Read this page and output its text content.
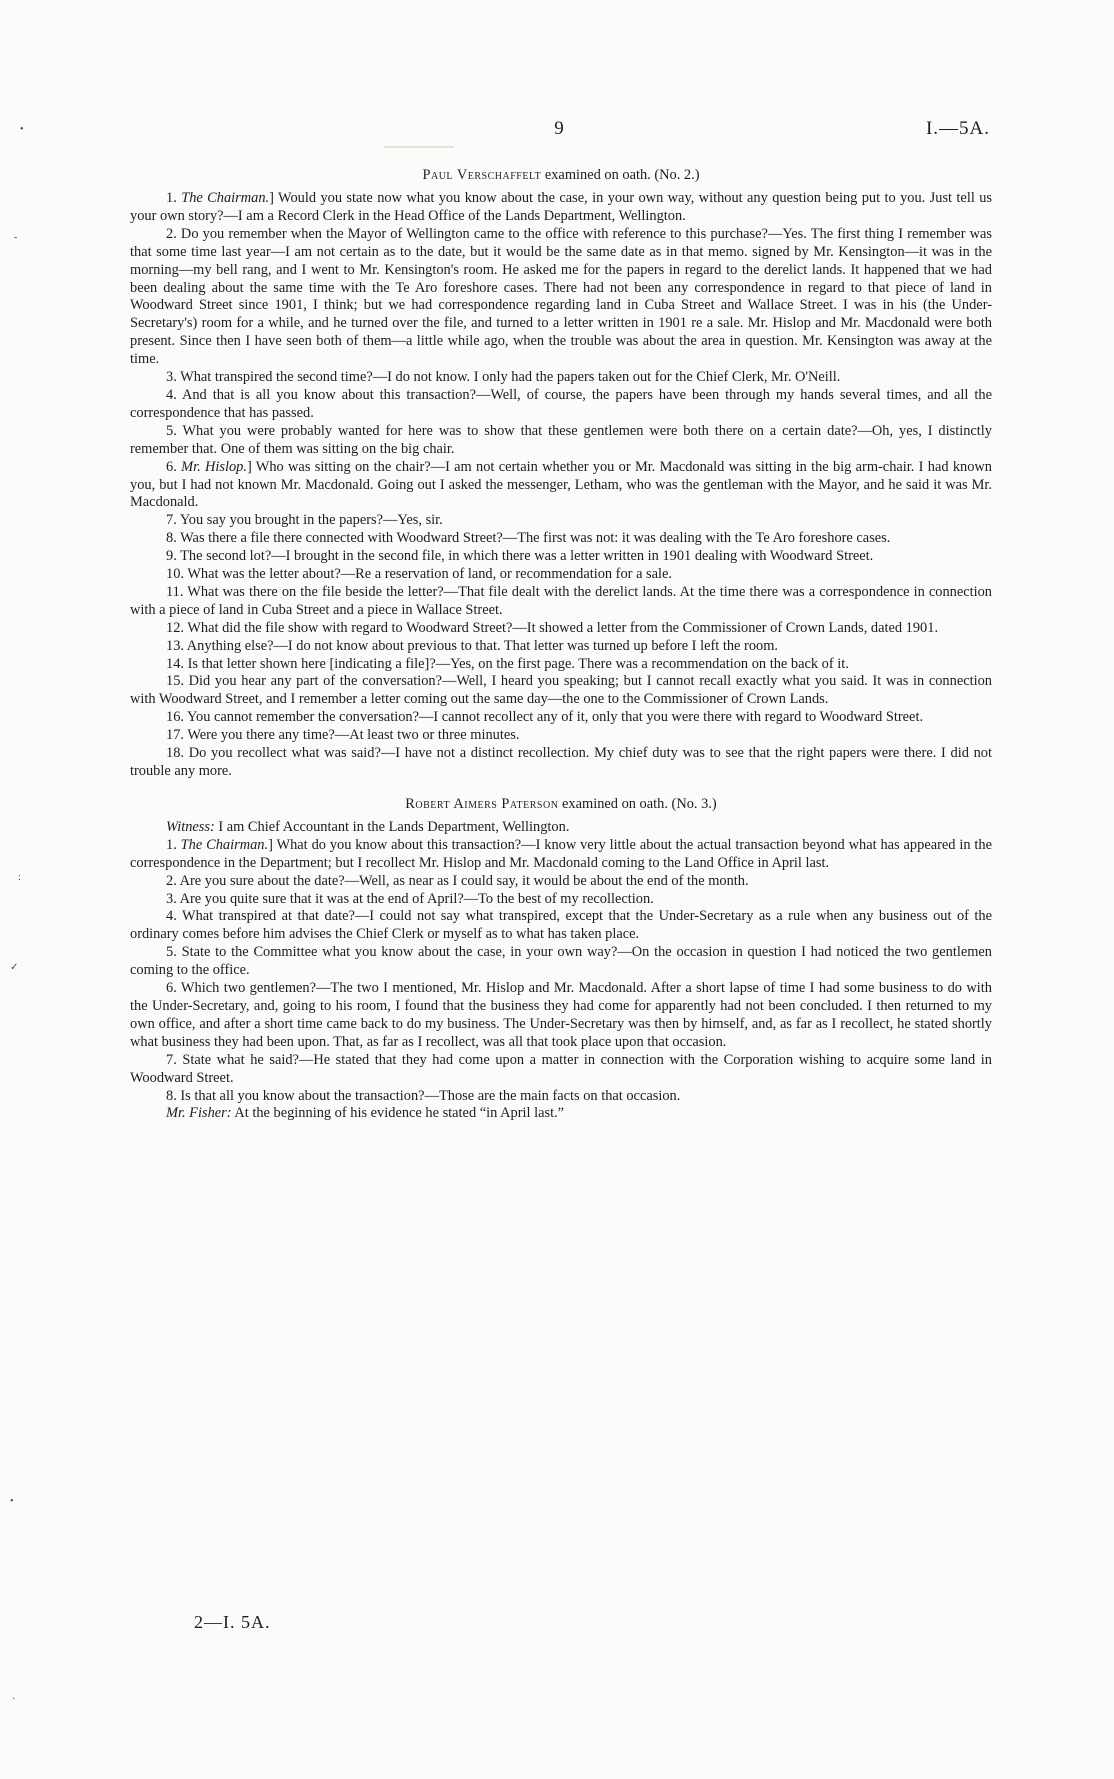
9	I.—5A.
Paul Verschaffelt examined on oath. (No. 2.)

1. The Chairman.] Would you state now what you know about the case, in your own way, without any question being put to you. Just tell us your own story?—I am a Record Clerk in the Head Office of the Lands Department, Wellington.

2. Do you remember when the Mayor of Wellington came to the office with reference to this purchase?—Yes. The first thing I remember was that some time last year—I am not certain as to the date, but it would be the same date as in that memo. signed by Mr. Kensington—it was in the morning—my bell rang, and I went to Mr. Kensington's room. He asked me for the papers in regard to the derelict lands. It happened that we had been dealing about the same time with the Te Aro foreshore cases. There had not been any correspondence in regard to that piece of land in Woodward Street since 1901, I think; but we had correspondence regarding land in Cuba Street and Wallace Street. I was in his (the Under-Secretary's) room for a while, and he turned over the file, and turned to a letter written in 1901 re a sale. Mr. Hislop and Mr. Macdonald were both present. Since then I have seen both of them—a little while ago, when the trouble was about the area in question. Mr. Kensington was away at the time.

3. What transpired the second time?—I do not know. I only had the papers taken out for the Chief Clerk, Mr. O'Neill.

4. And that is all you know about this transaction?—Well, of course, the papers have been through my hands several times, and all the correspondence that has passed.

5. What you were probably wanted for here was to show that these gentlemen were both there on a certain date?—Oh, yes, I distinctly remember that. One of them was sitting on the big chair.

6. Mr. Hislop.] Who was sitting on the chair?—I am not certain whether you or Mr. Macdonald was sitting in the big arm-chair. I had known you, but I had not known Mr. Macdonald. Going out I asked the messenger, Letham, who was the gentleman with the Mayor, and he said it was Mr. Macdonald.

7. You say you brought in the papers?—Yes, sir.

8. Was there a file there connected with Woodward Street?—The first was not: it was dealing with the Te Aro foreshore cases.

9. The second lot?—I brought in the second file, in which there was a letter written in 1901 dealing with Woodward Street.

10. What was the letter about?—Re a reservation of land, or recommendation for a sale.

11. What was there on the file beside the letter?—That file dealt with the derelict lands. At the time there was a correspondence in connection with a piece of land in Cuba Street and a piece in Wallace Street.

12. What did the file show with regard to Woodward Street?—It showed a letter from the Commissioner of Crown Lands, dated 1901.

13. Anything else?—I do not know about previous to that. That letter was turned up before I left the room.

14. Is that letter shown here [indicating a file]?—Yes, on the first page. There was a recommendation on the back of it.

15. Did you hear any part of the conversation?—Well, I heard you speaking; but I cannot recall exactly what you said. It was in connection with Woodward Street, and I remember a letter coming out the same day—the one to the Commissioner of Crown Lands.

16. You cannot remember the conversation?—I cannot recollect any of it, only that you were there with regard to Woodward Street.

17. Were you there any time?—At least two or three minutes.

18. Do you recollect what was said?—I have not a distinct recollection. My chief duty was to see that the right papers were there. I did not trouble any more.

Robert Aimers Paterson examined on oath. (No. 3.)

Witness: I am Chief Accountant in the Lands Department, Wellington.

1. The Chairman.] What do you know about this transaction?—I know very little about the actual transaction beyond what has appeared in the correspondence in the Department; but I recollect Mr. Hislop and Mr. Macdonald coming to the Land Office in April last.

2. Are you sure about the date?—Well, as near as I could say, it would be about the end of the month.

3. Are you quite sure that it was at the end of April?—To the best of my recollection.

4. What transpired at that date?—I could not say what transpired, except that the Under-Secretary as a rule when any business out of the ordinary comes before him advises the Chief Clerk or myself as to what has taken place.

5. State to the Committee what you know about the case, in your own way?—On the occasion in question I had noticed the two gentlemen coming to the office.

6. Which two gentlemen?—The two I mentioned, Mr. Hislop and Mr. Macdonald. After a short lapse of time I had some business to do with the Under-Secretary, and, going to his room, I found that the business they had come for apparently had not been concluded. I then returned to my own office, and after a short time came back to do my business. The Under-Secretary was then by himself, and, as far as I recollect, he stated shortly what business they had been upon. That, as far as I recollect, was all that took place upon that occasion.

7. State what he said?—He stated that they had come upon a matter in connection with the Corporation wishing to acquire some land in Woodward Street.

8. Is that all you know about the transaction?—Those are the main facts on that occasion.

Mr. Fisher: At the beginning of his evidence he stated “in April last.”

2—I. 5A.
•
-
:
✓
•
·
